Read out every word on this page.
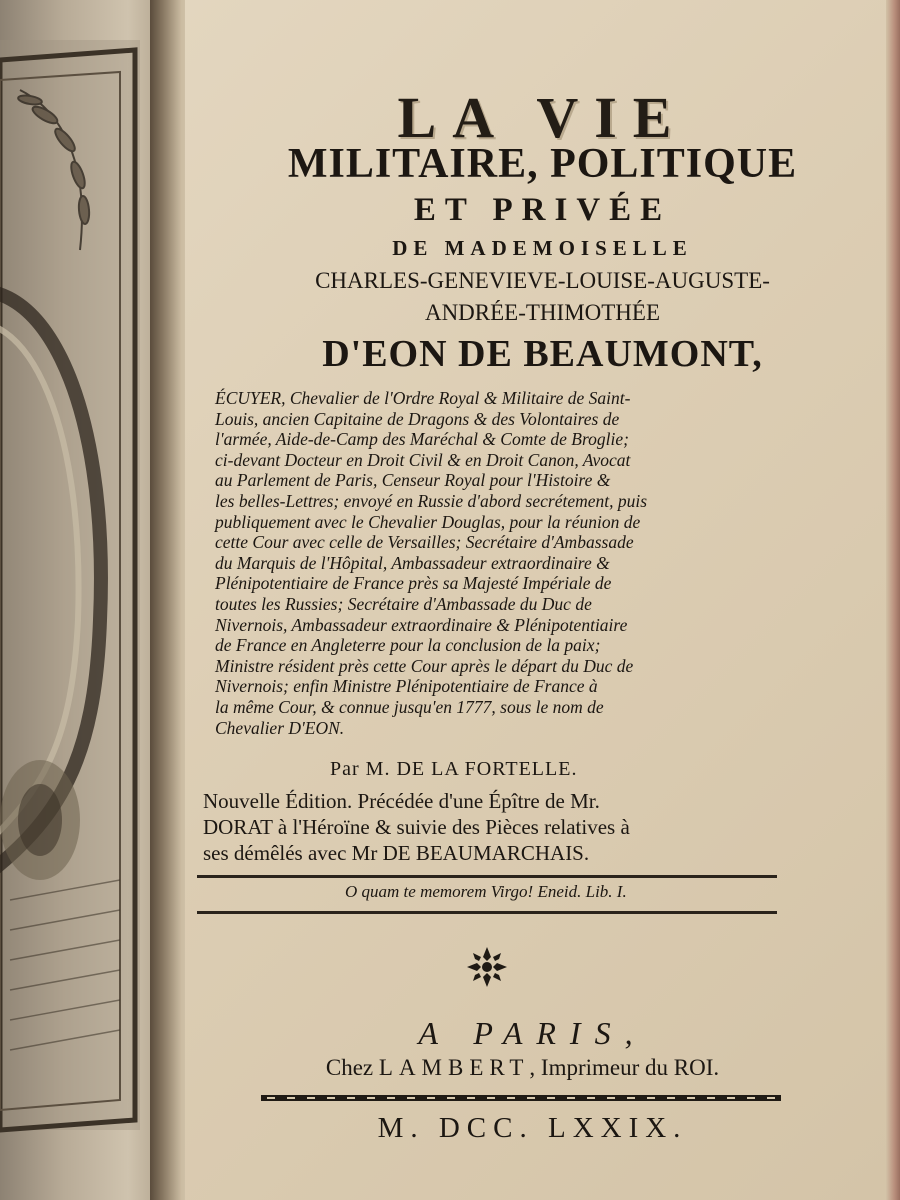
LA VIE
MILITAIRE, POLITIQUE
ET PRIVÉE
DE MADEMOISELLE
CHARLES-GENEVIEVE-LOUISE-AUGUSTE-
ANDRÉE-THIMOTHÉE
D'EON DE BEAUMONT,
ÉCUYER, Chevalier de l'Ordre Royal & Militaire de Saint-
Louis, ancien Capitaine de Dragons & des Volontaires de
l'armée, Aide-de-Camp des Maréchal & Comte de Broglie;
ci-devant Docteur en Droit Civil & en Droit Canon, Avocat
au Parlement de Paris, Censeur Royal pour l'Histoire &
les belles-Lettres; envoyé en Russie d'abord secrétement, puis
publiquement avec le Chevalier Douglas, pour la réunion de
cette Cour avec celle de Versailles; Secrétaire d'Ambassade
du Marquis de l'Hôpital, Ambassadeur extraordinaire &
Plénipotentiaire de France près sa Majesté Impériale de
toutes les Russies; Secrétaire d'Ambassade du Duc de
Nivernois, Ambassadeur extraordinaire & Plénipotentiaire
de France en Angleterre pour la conclusion de la paix;
Ministre résident près cette Cour après le départ du Duc de
Nivernois; enfin Ministre Plénipotentiaire de France à
la même Cour, & connue jusqu'en 1777, sous le nom de
Chevalier D'EON.
Par M. DE LA FORTELLE.
Nouvelle Édition. Précédée d'une Épître de Mr.
DORAT à l'Héroïne & suivie des Pièces relatives à
ses démêlés avec Mr DE BEAUMARCHAIS.
O quam te memorem Virgo! Eneid. Lib. I.
A PARIS,
Chez LAMBERT, Imprimeur du ROI.
M. DCC. LXXIX.
